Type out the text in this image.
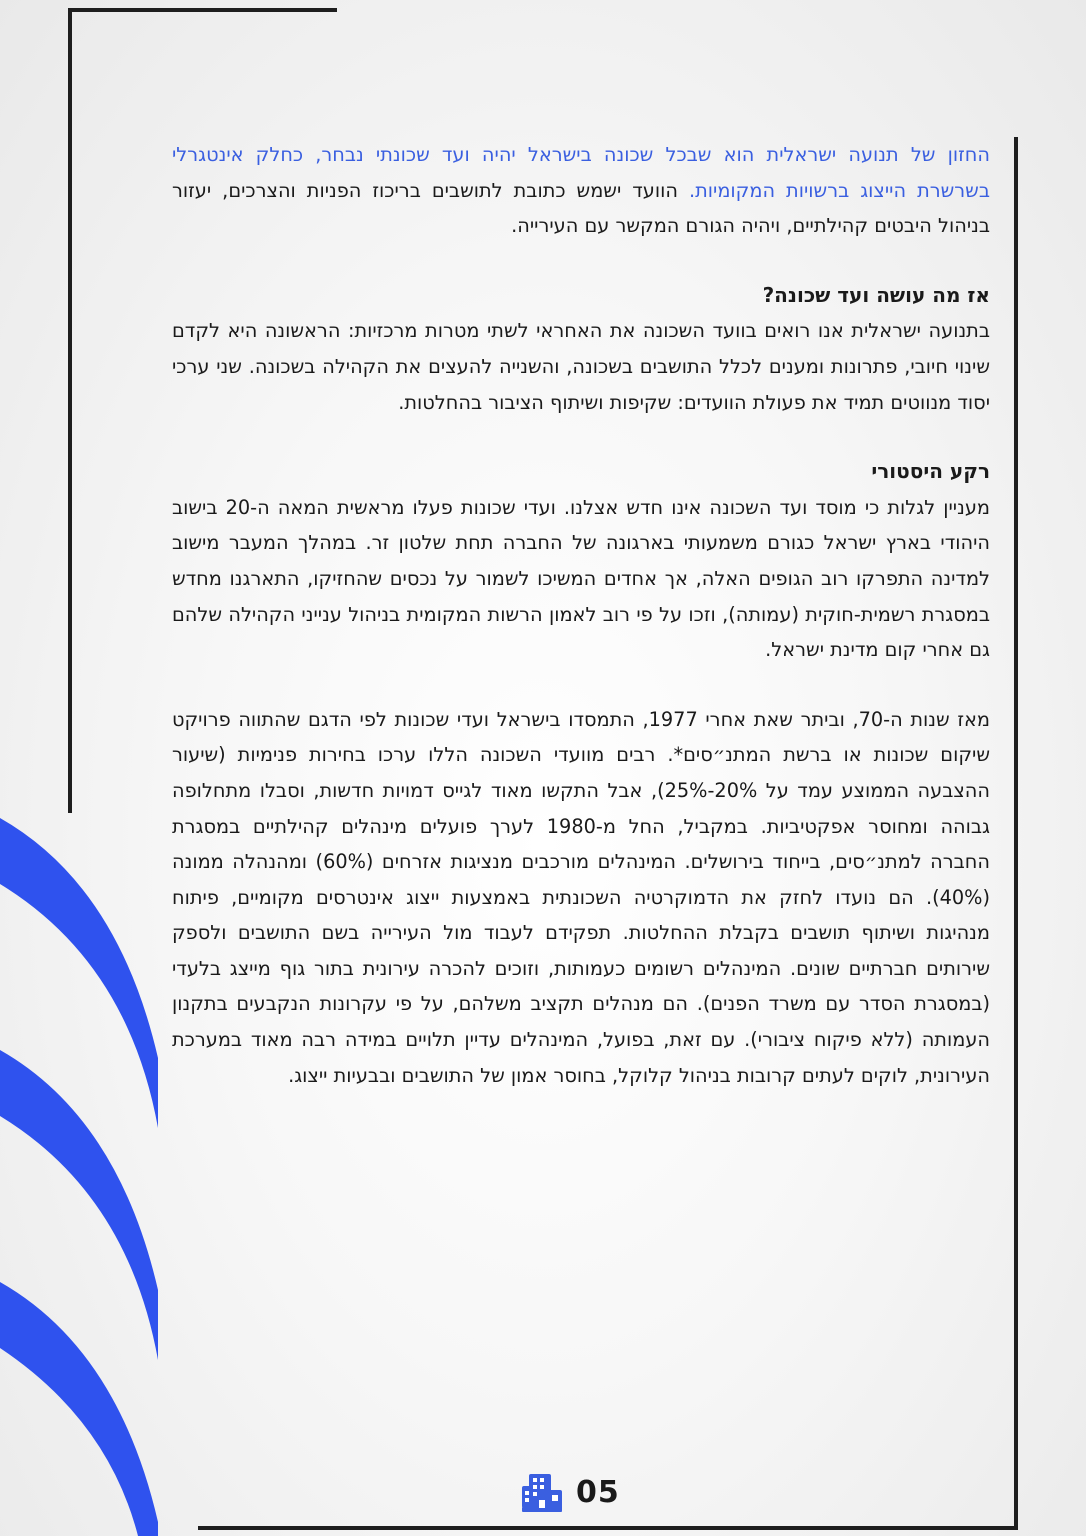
החזון של תנועה ישראלית הוא שבכל שכונה בישראל יהיה ועד שכונתי נבחר, כחלק אינטגרלי בשרשרת הייצוג ברשויות המקומיות. הוועד ישמש כתובת לתושבים בריכוז הפניות והצרכים, יעזור בניהול היבטים קהילתיים, ויהיה הגורם המקשר עם העירייה.

אז מה עושה ועד שכונה?

בתנועה ישראלית אנו רואים בוועד השכונה את האחראי לשתי מטרות מרכזיות: הראשונה היא לקדם שינוי חיובי, פתרונות ומענים לכלל התושבים בשכונה, והשנייה להעצים את הקהילה בשכונה. שני ערכי יסוד מנווטים תמיד את פעולת הוועדים: שקיפות ושיתוף הציבור בהחלטות.

רקע היסטורי

מעניין לגלות כי מוסד ועד השכונה אינו חדש אצלנו. ועדי שכונות פעלו מראשית המאה ה-20 בישוב היהודי בארץ ישראל כגורם משמעותי בארגונה של החברה תחת שלטון זר. במהלך המעבר מישוב למדינה התפרקו רוב הגופים האלה, אך אחדים המשיכו לשמור על נכסים שהחזיקו, התארגנו מחדש במסגרת רשמית-חוקית (עמותה), וזכו על פי רוב לאמון הרשות המקומית בניהול ענייני הקהילה שלהם גם אחרי קום מדינת ישראל.

מאז שנות ה-70, וביתר שאת אחרי 1977, התמסדו בישראל ועדי שכונות לפי הדגם שהתווה פרויקט שיקום שכונות או ברשת המתנ״סים*. רבים מוועדי השכונה הללו ערכו בחירות פנימיות (שיעור ההצבעה הממוצע עמד על 20%-25%), אבל התקשו מאוד לגייס דמויות חדשות, וסבלו מתחלופה גבוהה ומחוסר אפקטיביות. במקביל, החל מ-1980 לערך פועלים מינהלים קהילתיים במסגרת החברה למתנ״סים, בייחוד בירושלים. המינהלים מורכבים מנציגות אזרחים (60%) ומהנהלה ממונה (40%). הם נועדו לחזק את הדמוקרטיה השכונתית באמצעות ייצוג אינטרסים מקומיים, פיתוח מנהיגות ושיתוף תושבים בקבלת ההחלטות. תפקידם לעבוד מול העירייה בשם התושבים ולספק שירותים חברתיים שונים. המינהלים רשומים כעמותות, וזוכים להכרה עירונית בתור גוף מייצג בלעדי (במסגרת הסדר עם משרד הפנים). הם מנהלים תקציב משלהם, על פי עקרונות הנקבעים בתקנון העמותה (ללא פיקוח ציבורי). עם זאת, בפועל, המינהלים עדיין תלויים במידה רבה מאוד במערכת העירונית, לוקים לעתים קרובות בניהול קלוקל, בחוסר אמון של התושבים ובבעיות ייצוג.

05
